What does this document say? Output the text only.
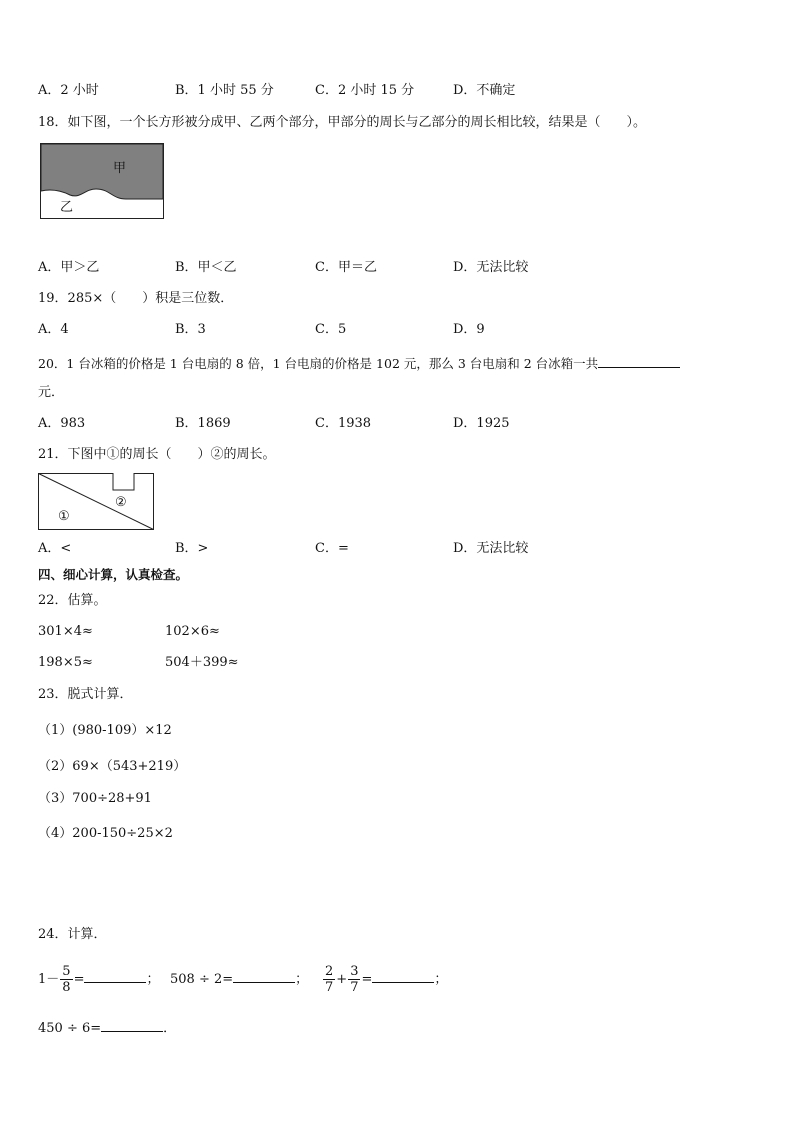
A．2 小时	B．1 小时 55 分	C．2 小时 15 分	D．不确定
18．如下图，一个长方形被分成甲、乙两个部分，甲部分的周长与乙部分的周长相比较，结果是（　　）。
甲
乙
A．甲＞乙	B．甲＜乙	C．甲＝乙	D．无法比较
19．285×（　　）积是三位数．
A．4	B．3	C．5	D．9
20．1 台冰箱的价格是 1 台电扇的 8 倍，1 台电扇的价格是 102 元，那么 3 台电扇和 2 台冰箱一共
元．
A．983	B．1869	C．1938	D．1925
21．下图中①的周长（　　）②的周长。
①
②
A．<	B．>	C．=	D．无法比较
四、细心计算，认真检查。
22．估算。
301×4≈	102×6≈
198×5≈	504＋399≈
23．脱式计算．
（1）(980-109）×12
（2）69×（543+219）
（3）700÷28+91
（4）200-150÷25×2
24．计算．
$1- \frac{5}{8}$ =	； 508 ÷ 2=	； $\frac{2}{7} + \frac{3}{7}$ =	；
450 ÷ 6=	．
